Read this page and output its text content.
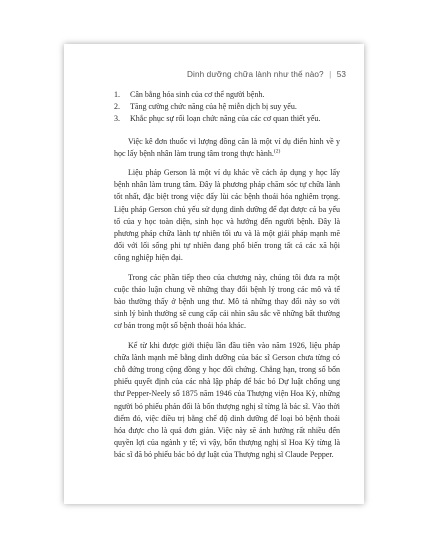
Dinh dưỡng chữa lành như thế nào? | 53
1.	Cân bằng hóa sinh của cơ thể người bệnh.
2.	Tăng cường chức năng của hệ miễn dịch bị suy yếu.
3.	Khắc phục sự rối loạn chức năng của các cơ quan thiết yếu.

Việc kê đơn thuốc vi lượng đồng căn là một ví dụ điển hình về y học lấy bệnh nhân làm trung tâm trong thực hành.$^{(2)}$

Liệu pháp Gerson là một ví dụ khác về cách áp dụng y học lấy bệnh nhân làm trung tâm. Đây là phương pháp chăm sóc tự chữa lành tốt nhất, đặc biệt trong việc đẩy lùi các bệnh thoái hóa nghiêm trọng. Liệu pháp Gerson chủ yếu sử dụng dinh dưỡng để đạt được cả ba yếu tố của y học toàn diện, sinh học và hướng đến người bệnh. Đây là phương pháp chữa lành tự nhiên tối ưu và là một giải pháp mạnh mẽ đối với lối sống phi tự nhiên đang phổ biến trong tất cả các xã hội công nghiệp hiện đại.

Trong các phần tiếp theo của chương này, chúng tôi đưa ra một cuộc thảo luận chung về những thay đổi bệnh lý trong các mô và tế bào thường thấy ở bệnh ung thư. Mô tả những thay đổi này so với sinh lý bình thường sẽ cung cấp cái nhìn sâu sắc về những bất thường cơ bản trong một số bệnh thoái hóa khác.

Kể từ khi được giới thiệu lần đầu tiên vào năm 1926, liệu pháp chữa lành mạnh mẽ bằng dinh dưỡng của bác sĩ Gerson chưa từng có chỗ đứng trong cộng đồng y học đối chứng. Chẳng hạn, trong số bốn phiếu quyết định của các nhà lập pháp để bác bỏ Dự luật chống ung thư Pepper-Neely số 1875 năm 1946 của Thượng viện Hoa Kỳ, những người bỏ phiếu phản đối là bốn thượng nghị sĩ từng là bác sĩ. Vào thời điểm đó, việc điều trị bằng chế độ dinh dưỡng để loại bỏ bệnh thoái hóa được cho là quá đơn giản. Việc này sẽ ảnh hưởng rất nhiều đến quyền lợi của ngành y tế; vì vậy, bốn thượng nghị sĩ Hoa Kỳ từng là bác sĩ đã bỏ phiếu bác bỏ dự luật của Thượng nghị sĩ Claude Pepper.
